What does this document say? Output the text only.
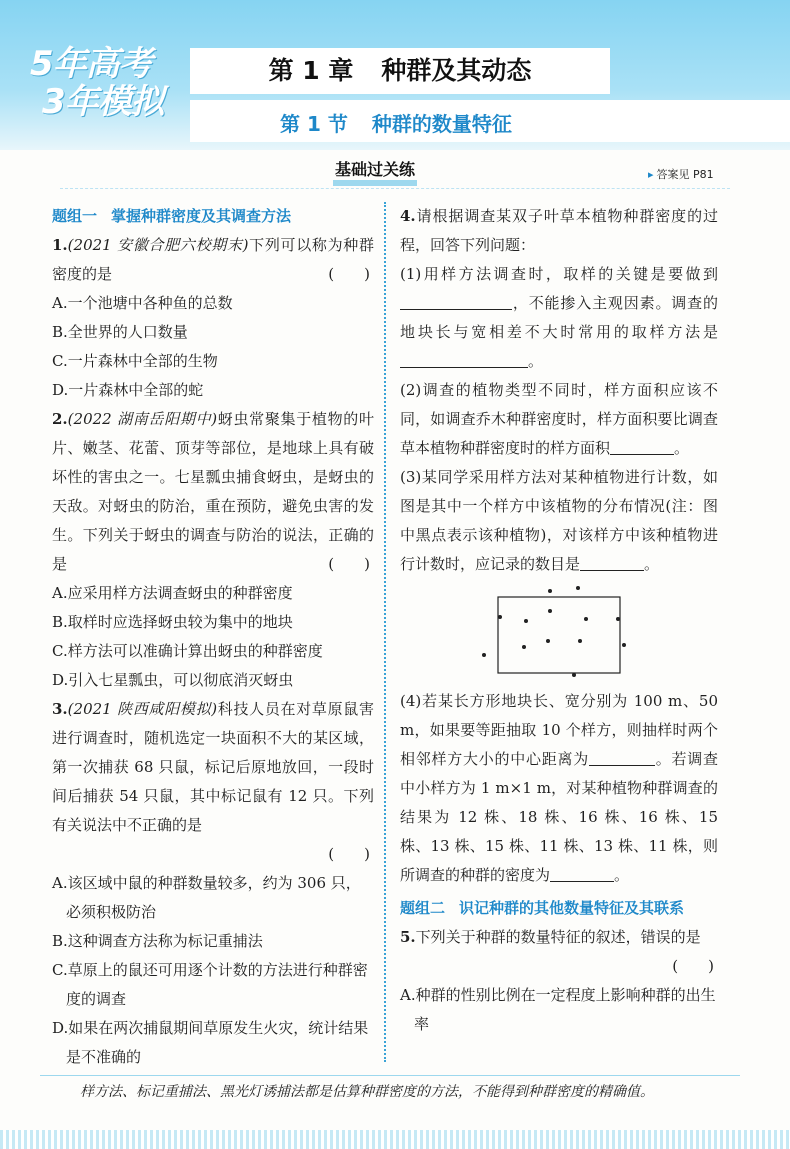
5年高考
3年模拟
第 1 章 种群及其动态
第 1 节 种群的数量特征
基础过关练	▸ 答案见 P81
题组一 掌握种群密度及其调查方法
1.(2021 安徽合肥六校期末)下列可以称为种群密度的是	(　　)
A.一个池塘中各种鱼的总数
B.全世界的人口数量
C.一片森林中全部的生物
D.一片森林中全部的蛇
2.(2022 湖南岳阳期中)蚜虫常聚集于植物的叶片、嫩茎、花蕾、顶芽等部位，是地球上具有破坏性的害虫之一。七星瓢虫捕食蚜虫，是蚜虫的天敌。对蚜虫的防治，重在预防，避免虫害的发生。下列关于蚜虫的调查与防治的说法，正确的是	(　　)
A.应采用样方法调查蚜虫的种群密度
B.取样时应选择蚜虫较为集中的地块
C.样方法可以准确计算出蚜虫的种群密度
D.引入七星瓢虫，可以彻底消灭蚜虫
3.(2021 陕西咸阳模拟)科技人员在对草原鼠害进行调查时，随机选定一块面积不大的某区域，第一次捕获 68 只鼠，标记后原地放回，一段时间后捕获 54 只鼠，其中标记鼠有 12 只。下列有关说法中不正确的是
(　　)
A.该区域中鼠的种群数量较多，约为 306 只，必须积极防治
B.这种调查方法称为标记重捕法
C.草原上的鼠还可用逐个计数的方法进行种群密度的调查
D.如果在两次捕鼠期间草原发生火灾，统计结果是不准确的
4.请根据调查某双子叶草本植物种群密度的过程，回答下列问题：
(1)用样方法调查时，取样的关键是要做到，不能掺入主观因素。调查的地块长与宽相差不大时常用的取样方法是。
(2)调查的植物类型不同时，样方面积应该不同，如调查乔木种群密度时，样方面积要比调查草本植物种群密度时的样方面积	。
(3)某同学采用样方法对某种植物进行计数，如图是其中一个样方中该植物的分布情况(注：图中黑点表示该种植物)，对该样方中该种植物进行计数时，应记录的数目是	。
(4)若某长方形地块长、宽分别为 100 m、50 m，如果要等距抽取 10 个样方，则抽样时两个相邻样方大小的中心距离为	。若调查中小样方为 1 m×1 m，对某种植物种群调查的结果为 12 株、18 株、16 株、16 株、15 株、13 株、15 株、11 株、13 株、11 株，则所调查的种群的密度为	。
题组二 识记种群的其他数量特征及其联系
5.下列关于种群的数量特征的叙述，错误的是
(　　)
A.种群的性别比例在一定程度上影响种群的出生率
样方法、标记重捕法、黑光灯诱捕法都是估算种群密度的方法，不能得到种群密度的精确值。
